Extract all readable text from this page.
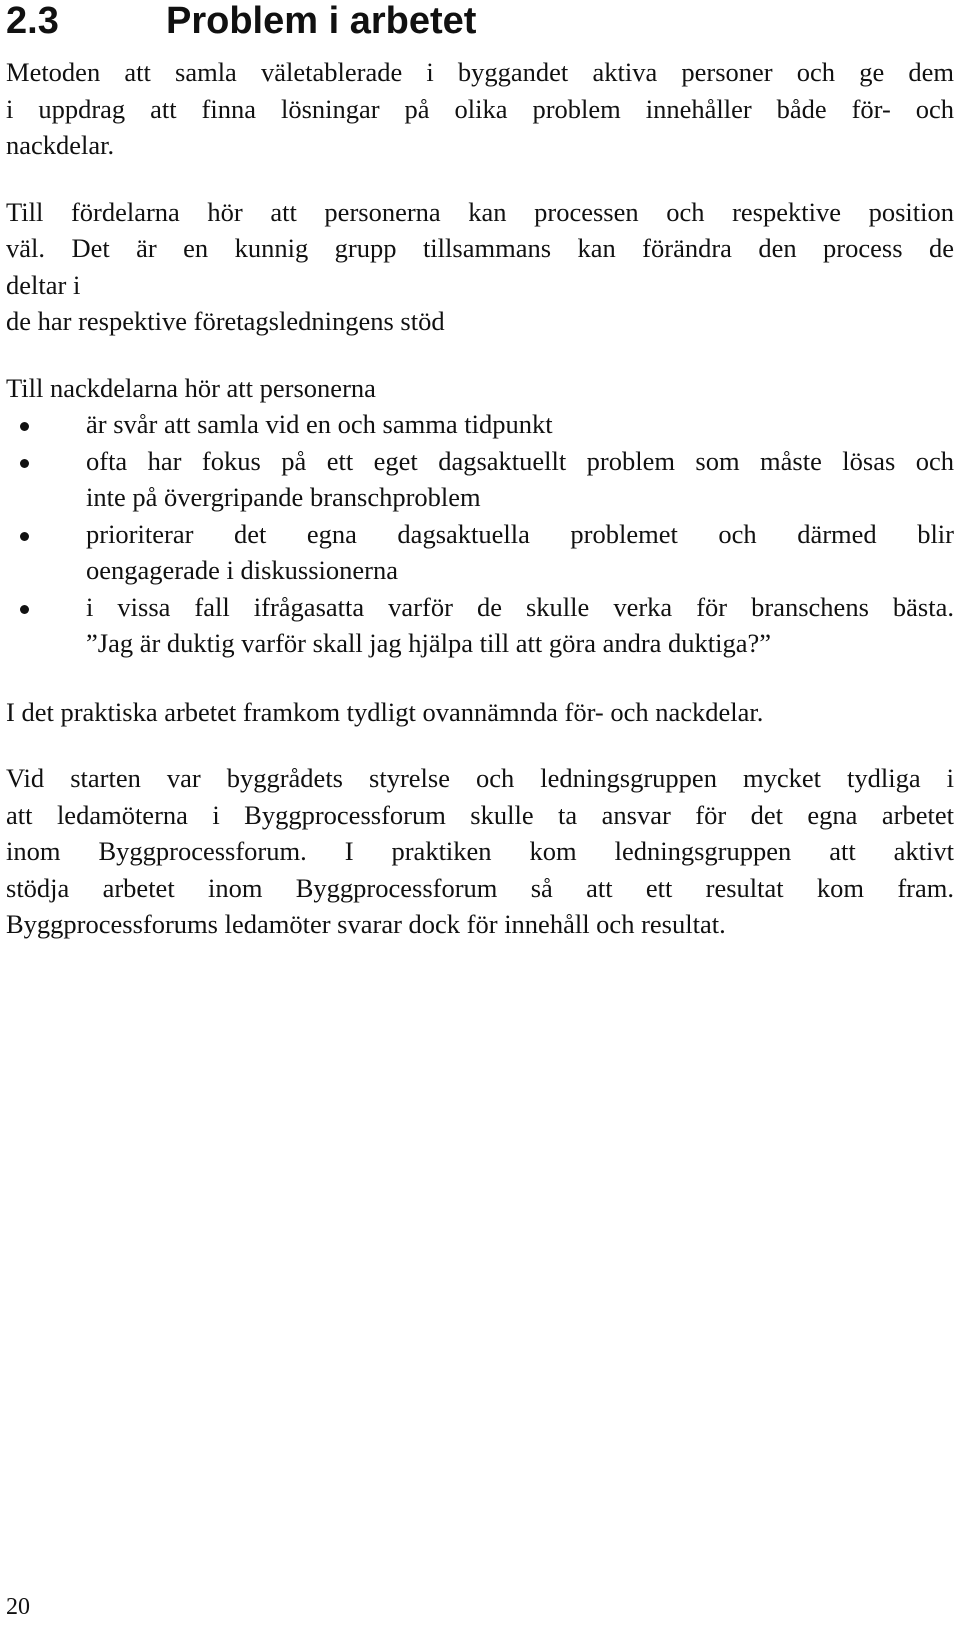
2.3	Problem i arbetet

Metoden att samla väletablerade i byggandet aktiva personer och ge dem
i uppdrag att finna lösningar på olika problem innehåller både för- och
nackdelar.

Till fördelarna hör att personerna kan processen och respektive position
väl. Det är en kunnig grupp tillsammans kan förändra den process de
deltar i
de har respektive företagsledningens stöd

Till nackdelarna hör att personerna

är svår att samla vid en och samma tidpunkt
ofta har fokus på ett eget dagsaktuellt problem som måste lösas och
inte på övergripande branschproblem
prioriterar det egna dagsaktuella problemet och därmed blir
oengagerade i diskussionerna
i vissa fall ifrågasatta varför de skulle verka för branschens bästa.
”Jag är duktig varför skall jag hjälpa till att göra andra duktiga?”

I det praktiska arbetet framkom tydligt ovannämnda för- och nackdelar.

Vid starten var byggrådets styrelse och ledningsgruppen mycket tydliga i
att ledamöterna i Byggprocessforum skulle ta ansvar för det egna arbetet
inom Byggprocessforum. I praktiken kom ledningsgruppen att aktivt
stödja arbetet inom Byggprocessforum så att ett resultat kom fram.
Byggprocessforums ledamöter svarar dock för innehåll och resultat.

20
